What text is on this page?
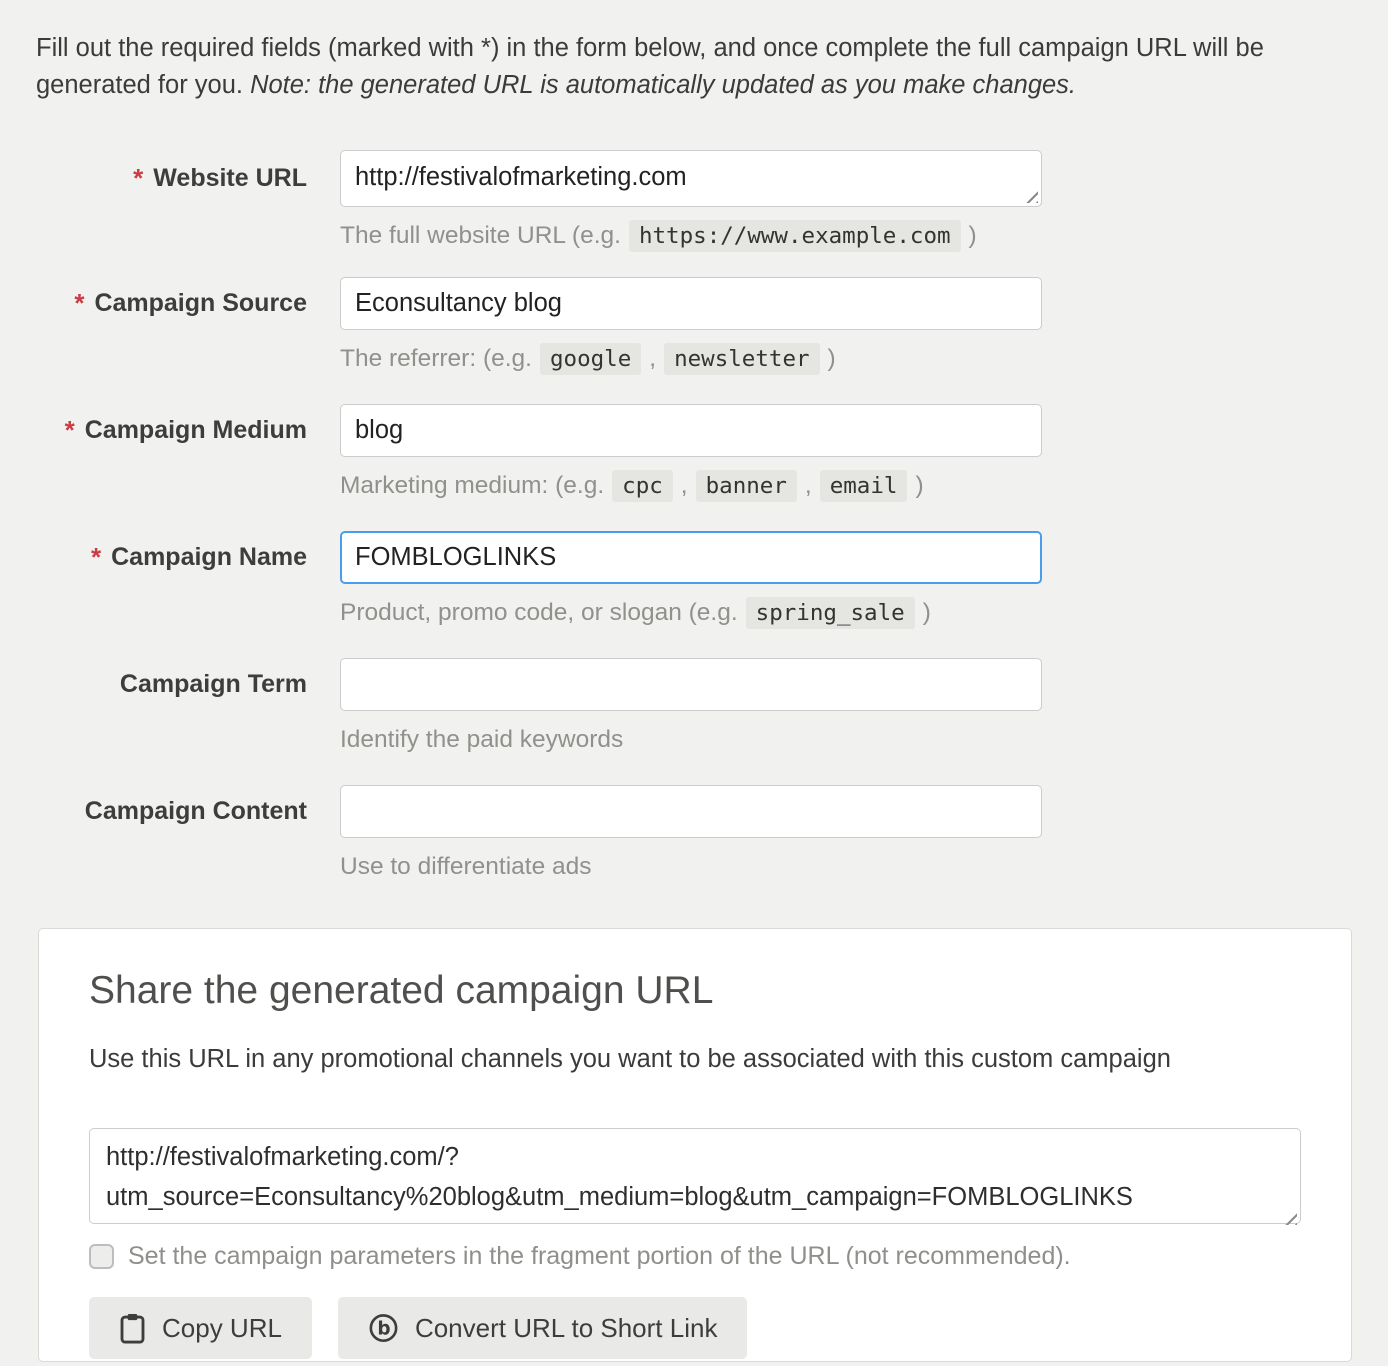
Fill out the required fields (marked with *) in the form below, and once complete the full campaign URL will be generated for you. Note: the generated URL is automatically updated as you make changes.

* Website URL
http://festivalofmarketing.com
The full website URL (e.g. https://www.example.com )
* Campaign Source
Econsultancy blog
The referrer: (e.g. google , newsletter )
* Campaign Medium
blog
Marketing medium: (e.g. cpc , banner , email )
* Campaign Name
FOMBLOGLINKS
Product, promo code, or slogan (e.g. spring_sale )
Campaign Term
Identify the paid keywords
Campaign Content
Use to differentiate ads
Share the generated campaign URL

Use this URL in any promotional channels you want to be associated with this custom campaign

http://festivalofmarketing.com/?utm_source=Econsultancy%20blog&utm_medium=blog&utm_campaign=FOMBLOGLINKS
Set the campaign parameters in the fragment portion of the URL (not recommended).
Copy URL	b Convert URL to Short Link
